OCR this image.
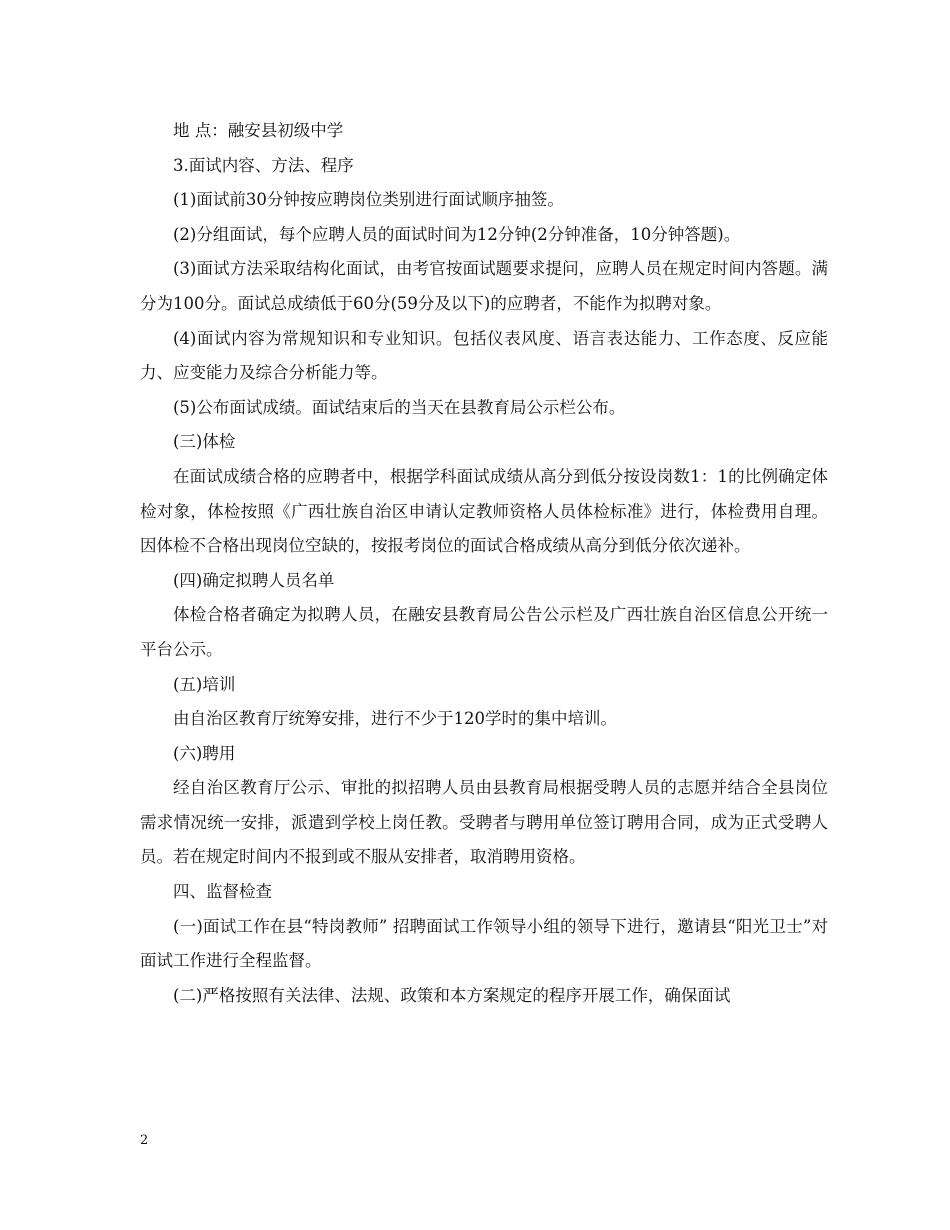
地 点：融安县初级中学

3.面试内容、方法、程序

(1)面试前30分钟按应聘岗位类别进行面试顺序抽签。

(2)分组面试，每个应聘人员的面试时间为12分钟(2分钟准备，10分钟答题)。

(3)面试方法采取结构化面试，由考官按面试题要求提问，应聘人员在规定时间内答题。满分为100分。面试总成绩低于60分(59分及以下)的应聘者，不能作为拟聘对象。

(4)面试内容为常规知识和专业知识。包括仪表风度、语言表达能力、工作态度、反应能力、应变能力及综合分析能力等。

(5)公布面试成绩。面试结束后的当天在县教育局公示栏公布。

(三)体检

在面试成绩合格的应聘者中，根据学科面试成绩从高分到低分按设岗数1：1的比例确定体检对象，体检按照《广西壮族自治区申请认定教师资格人员体检标准》进行，体检费用自理。因体检不合格出现岗位空缺的，按报考岗位的面试合格成绩从高分到低分依次递补。

(四)确定拟聘人员名单

体检合格者确定为拟聘人员，在融安县教育局公告公示栏及广西壮族自治区信息公开统一平台公示。

(五)培训

由自治区教育厅统筹安排，进行不少于120学时的集中培训。

(六)聘用

经自治区教育厅公示、审批的拟招聘人员由县教育局根据受聘人员的志愿并结合全县岗位需求情况统一安排，派遣到学校上岗任教。受聘者与聘用单位签订聘用合同，成为正式受聘人员。若在规定时间内不报到或不服从安排者，取消聘用资格。

四、监督检查

(一)面试工作在县“特岗教师” 招聘面试工作领导小组的领导下进行，邀请县“阳光卫士”对面试工作进行全程监督。

(二)严格按照有关法律、法规、政策和本方案规定的程序开展工作，确保面试

2
